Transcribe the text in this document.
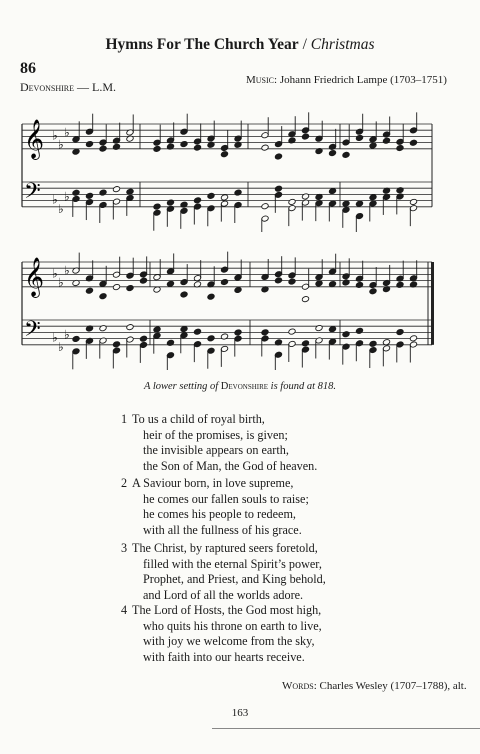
Hymns For The Church Year / Christmas
86
Devonshire — L.M.	Music: Johann Friedrich Lampe (1703–1751)
𝄞
𝄢
♭
♭
♭
♭
♭
♭
𝄞
𝄢
♭
♭
♭
♭
♭
♭
A lower setting of Devonshire is found at 818.
1 To us a child of royal birth,
heir of the promises, is given;
the invisible appears on earth,
the Son of Man, the God of heaven.
2 A Saviour born, in love supreme,
he comes our fallen souls to raise;
he comes his people to redeem,
with all the fullness of his grace.
3 The Christ, by raptured seers foretold,
filled with the eternal Spirit’s power,
Prophet, and Priest, and King behold,
and Lord of all the worlds adore.
4 The Lord of Hosts, the God most high,
who quits his throne on earth to live,
with joy we welcome from the sky,
with faith into our hearts receive.
Words: Charles Wesley (1707–1788), alt.
163
